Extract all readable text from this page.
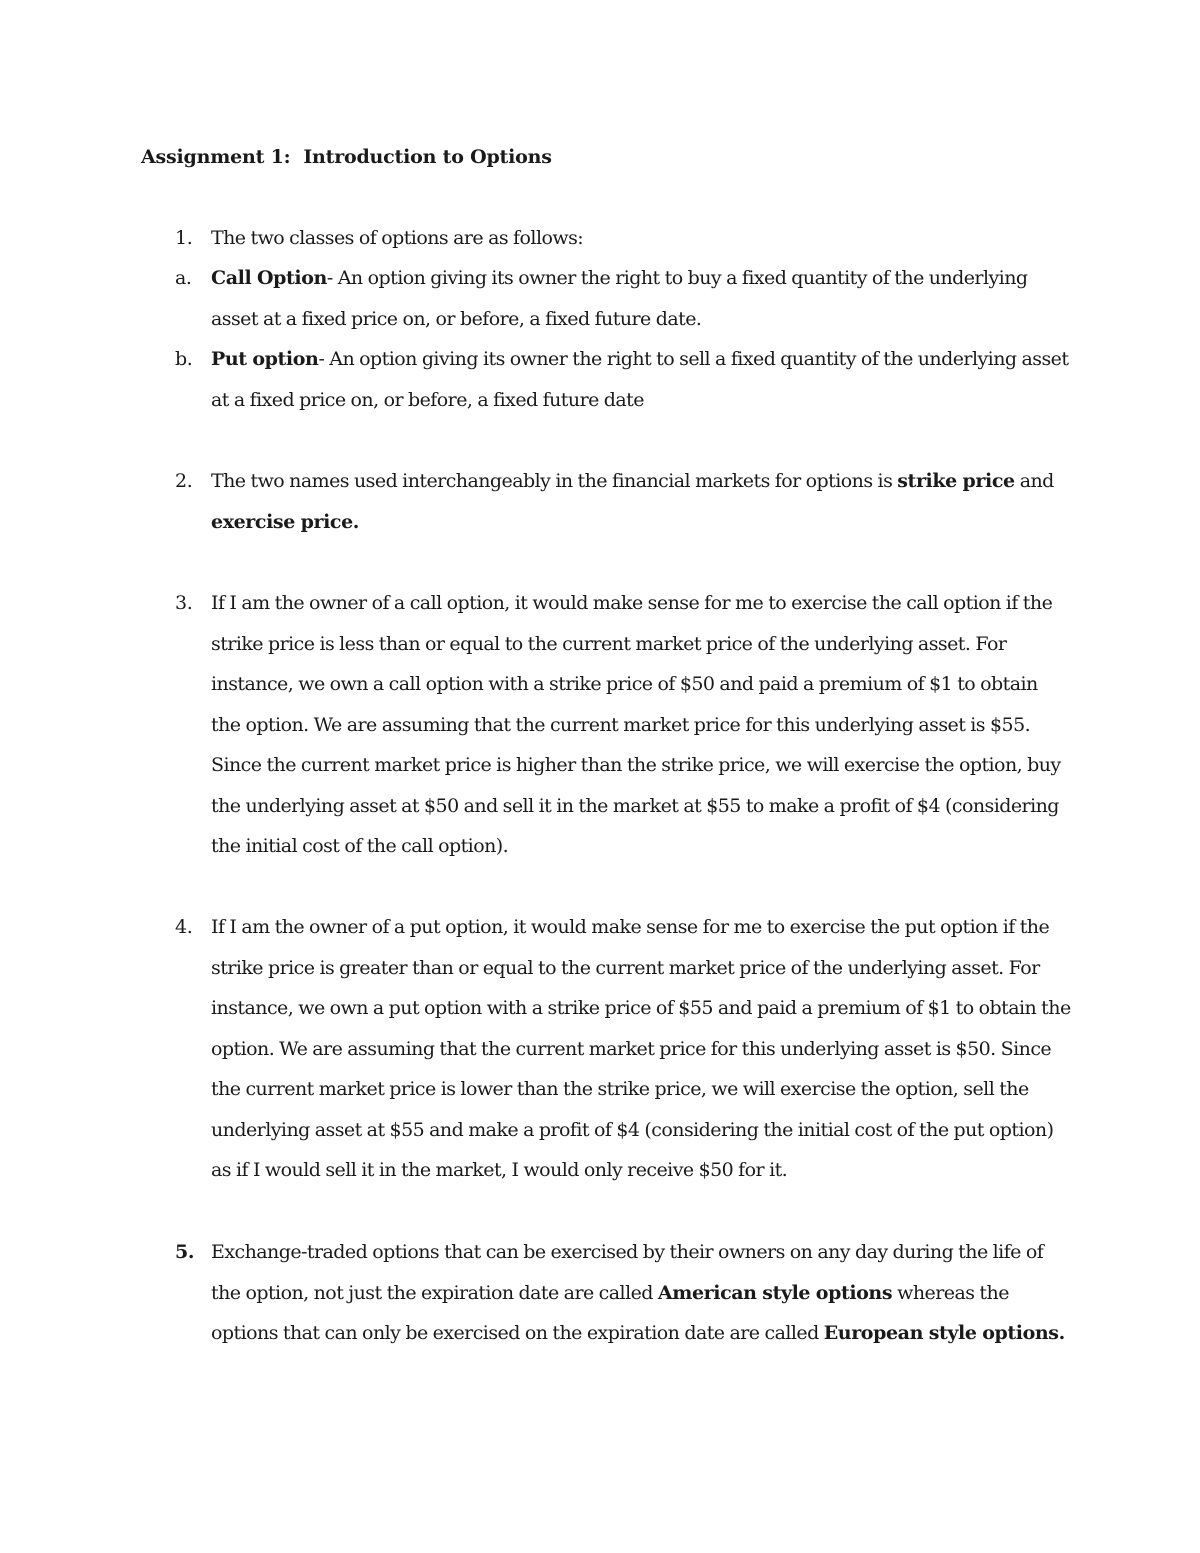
Assignment 1:  Introduction to Options

1. The two classes of options are as follows:

a. Call Option- An option giving its owner the right to buy a fixed quantity of the underlying asset at a fixed price on, or before, a fixed future date.

b. Put option- An option giving its owner the right to sell a fixed quantity of the underlying asset at a fixed price on, or before, a fixed future date

2. The two names used interchangeably in the financial markets for options is strike price and exercise price.

3. If I am the owner of a call option, it would make sense for me to exercise the call option if the strike price is less than or equal to the current market price of the underlying asset. For instance, we own a call option with a strike price of $50 and paid a premium of $1 to obtain the option. We are assuming that the current market price for this underlying asset is $55. Since the current market price is higher than the strike price, we will exercise the option, buy the underlying asset at $50 and sell it in the market at $55 to make a profit of $4 (considering the initial cost of the call option).

4. If I am the owner of a put option, it would make sense for me to exercise the put option if the strike price is greater than or equal to the current market price of the underlying asset. For instance, we own a put option with a strike price of $55 and paid a premium of $1 to obtain the option. We are assuming that the current market price for this underlying asset is $50. Since the current market price is lower than the strike price, we will exercise the option, sell the underlying asset at $55 and make a profit of $4 (considering the initial cost of the put option) as if I would sell it in the market, I would only receive $50 for it.

5. Exchange-traded options that can be exercised by their owners on any day during the life of the option, not just the expiration date are called American style options whereas the options that can only be exercised on the expiration date are called European style options.
